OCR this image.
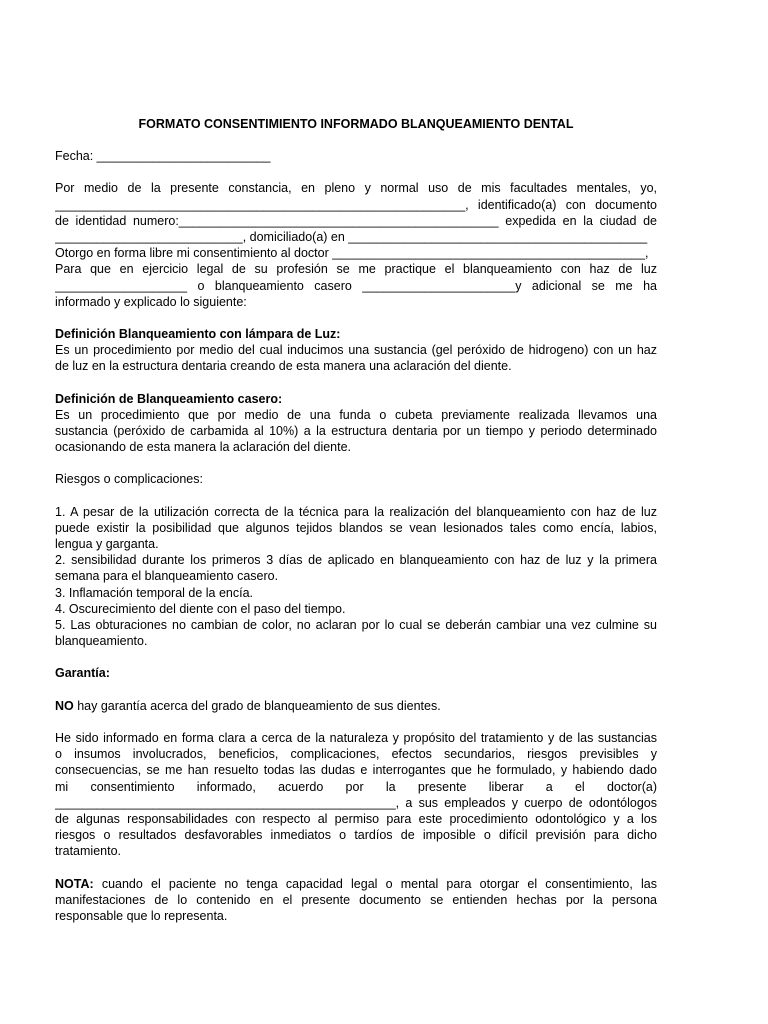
FORMATO CONSENTIMIENTO INFORMADO BLANQUEAMIENTO DENTAL
Fecha: _________________________
Por medio de la presente constancia, en pleno y normal uso de mis facultades mentales, yo,
___________________________________________________________, identificado(a) con documento
de identidad numero:______________________________________________ expedida en la ciudad de
___________________________, domiciliado(a) en ___________________________________________
Otorgo en forma libre mi consentimiento al doctor _____________________________________________,
Para que en ejercicio legal de su profesión se me practique el blanqueamiento con haz de luz
___________________ o blanqueamiento casero ______________________y adicional se me ha
informado y explicado lo siguiente:
Definición Blanqueamiento con lámpara de Luz:
Es un procedimiento por medio del cual inducimos una sustancia (gel peróxido de hidrogeno) con un haz
de luz en la estructura dentaria creando de esta manera una aclaración del diente.
Definición de Blanqueamiento casero:
Es un procedimiento que por medio de una funda o cubeta previamente realizada llevamos una
sustancia (peróxido de carbamida al 10%) a la estructura dentaria por un tiempo y periodo determinado
ocasionando de esta manera la aclaración del diente.
Riesgos o complicaciones:
1. A pesar de la utilización correcta de la técnica para la realización del blanqueamiento con haz de luz
puede existir la posibilidad que algunos tejidos blandos se vean lesionados tales como encía, labios,
lengua y garganta.
2. sensibilidad durante los primeros 3 días de aplicado en blanqueamiento con haz de luz y la primera
semana para el blanqueamiento casero.
3. Inflamación temporal de la encía.
4. Oscurecimiento del diente con el paso del tiempo.
5. Las obturaciones no cambian de color, no aclaran por lo cual se deberán cambiar una vez culmine su
blanqueamiento.
Garantía:
NO hay garantía acerca del grado de blanqueamiento de sus dientes.
He sido informado en forma clara a cerca de la naturaleza y propósito del tratamiento y de las sustancias
o insumos involucrados, beneficios, complicaciones, efectos secundarios, riesgos previsibles y
consecuencias, se me han resuelto todas las dudas e interrogantes que he formulado, y habiendo dado
mi consentimiento informado, acuerdo por la presente liberar a el doctor(a)
_________________________________________________, a sus empleados y cuerpo de odontólogos
de algunas responsabilidades con respecto al permiso para este procedimiento odontológico y a los
riesgos o resultados desfavorables inmediatos o tardíos de imposible o difícil previsión para dicho
tratamiento.
NOTA: cuando el paciente no tenga capacidad legal o mental para otorgar el consentimiento, las
manifestaciones de lo contenido en el presente documento se entienden hechas por la persona
responsable que lo representa.
